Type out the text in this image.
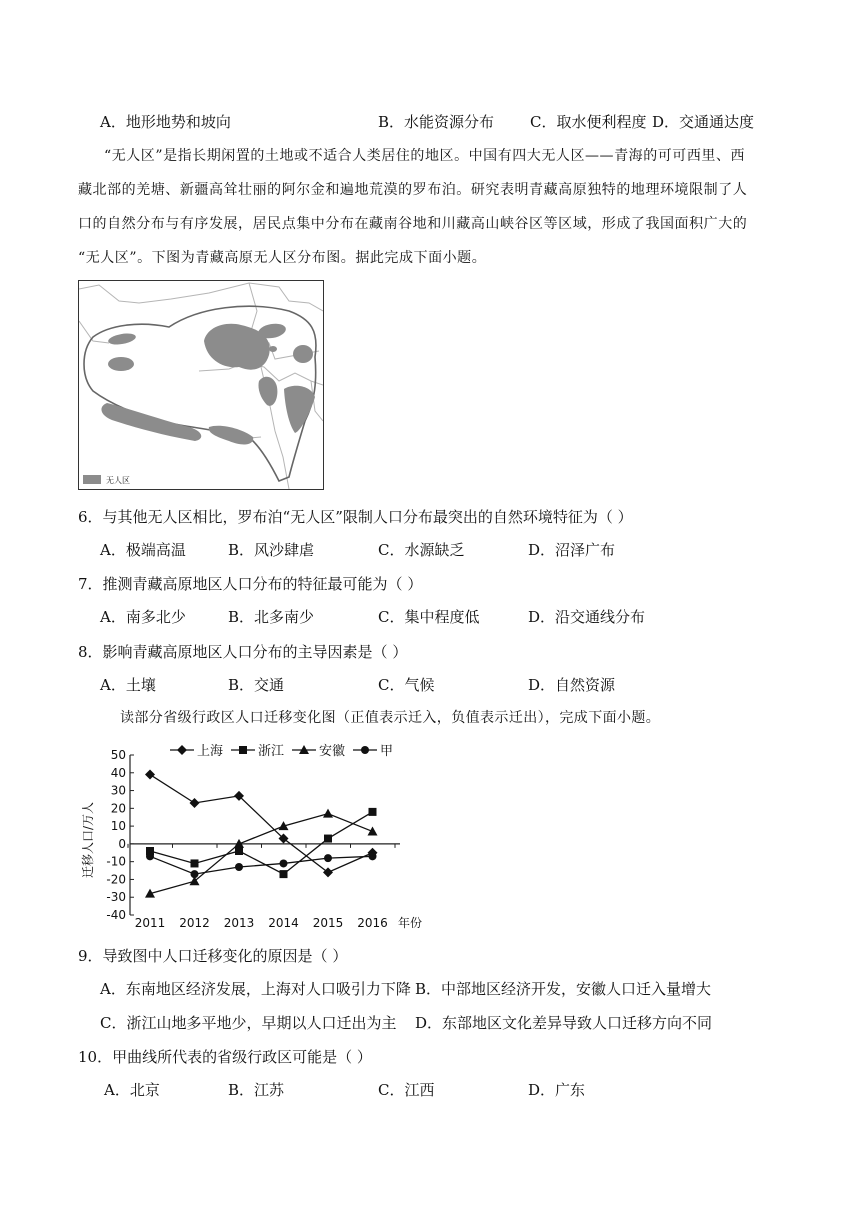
A．地形地势和坡向	B．水能资源分布 C．取水便利程度 D．交通通达度
“无人区”是指长期闲置的土地或不适合人类居住的地区。中国有四大无人区——青海的可可西里、西
藏北部的羌塘、新疆高耸壮丽的阿尔金和遍地荒漠的罗布泊。研究表明青藏高原独特的地理环境限制了人
口的自然分布与有序发展，居民点集中分布在藏南谷地和川藏高山峡谷区等区域，形成了我国面积广大的
“无人区”。下图为青藏高原无人区分布图。据此完成下面小题。
无人区
6．与其他无人区相比，罗布泊“无人区”限制人口分布最突出的自然环境特征为（ ）
A．极端高温	B．风沙肆虐	C．水源缺乏	D．沼泽广布
7．推测青藏高原地区人口分布的特征最可能为（ ）
A．南多北少	B．北多南少	C．集中程度低	D．沿交通线分布
8．影响青藏高原地区人口分布的主导因素是（ ）
A．土壤	B．交通	C．气候	D．自然资源
读部分省级行政区人口迁移变化图（正值表示迁入，负值表示迁出），完成下面小题。
50
40
30
20
10
0
-10
-20
-30
-40
2011 2012 2013 2014 2015 2016 年份
迁移人口/万人
上海	浙江	安徽	甲
9．导致图中人口迁移变化的原因是（ ）
A．东南地区经济发展，上海对人口吸引力下降 B．中部地区经济开发，安徽人口迁入量增大
C．浙江山地多平地少，早期以人口迁出为主 D．东部地区文化差异导致人口迁移方向不同
10．甲曲线所代表的省级行政区可能是（ ）
A．北京	B．江苏	C．江西	D．广东
